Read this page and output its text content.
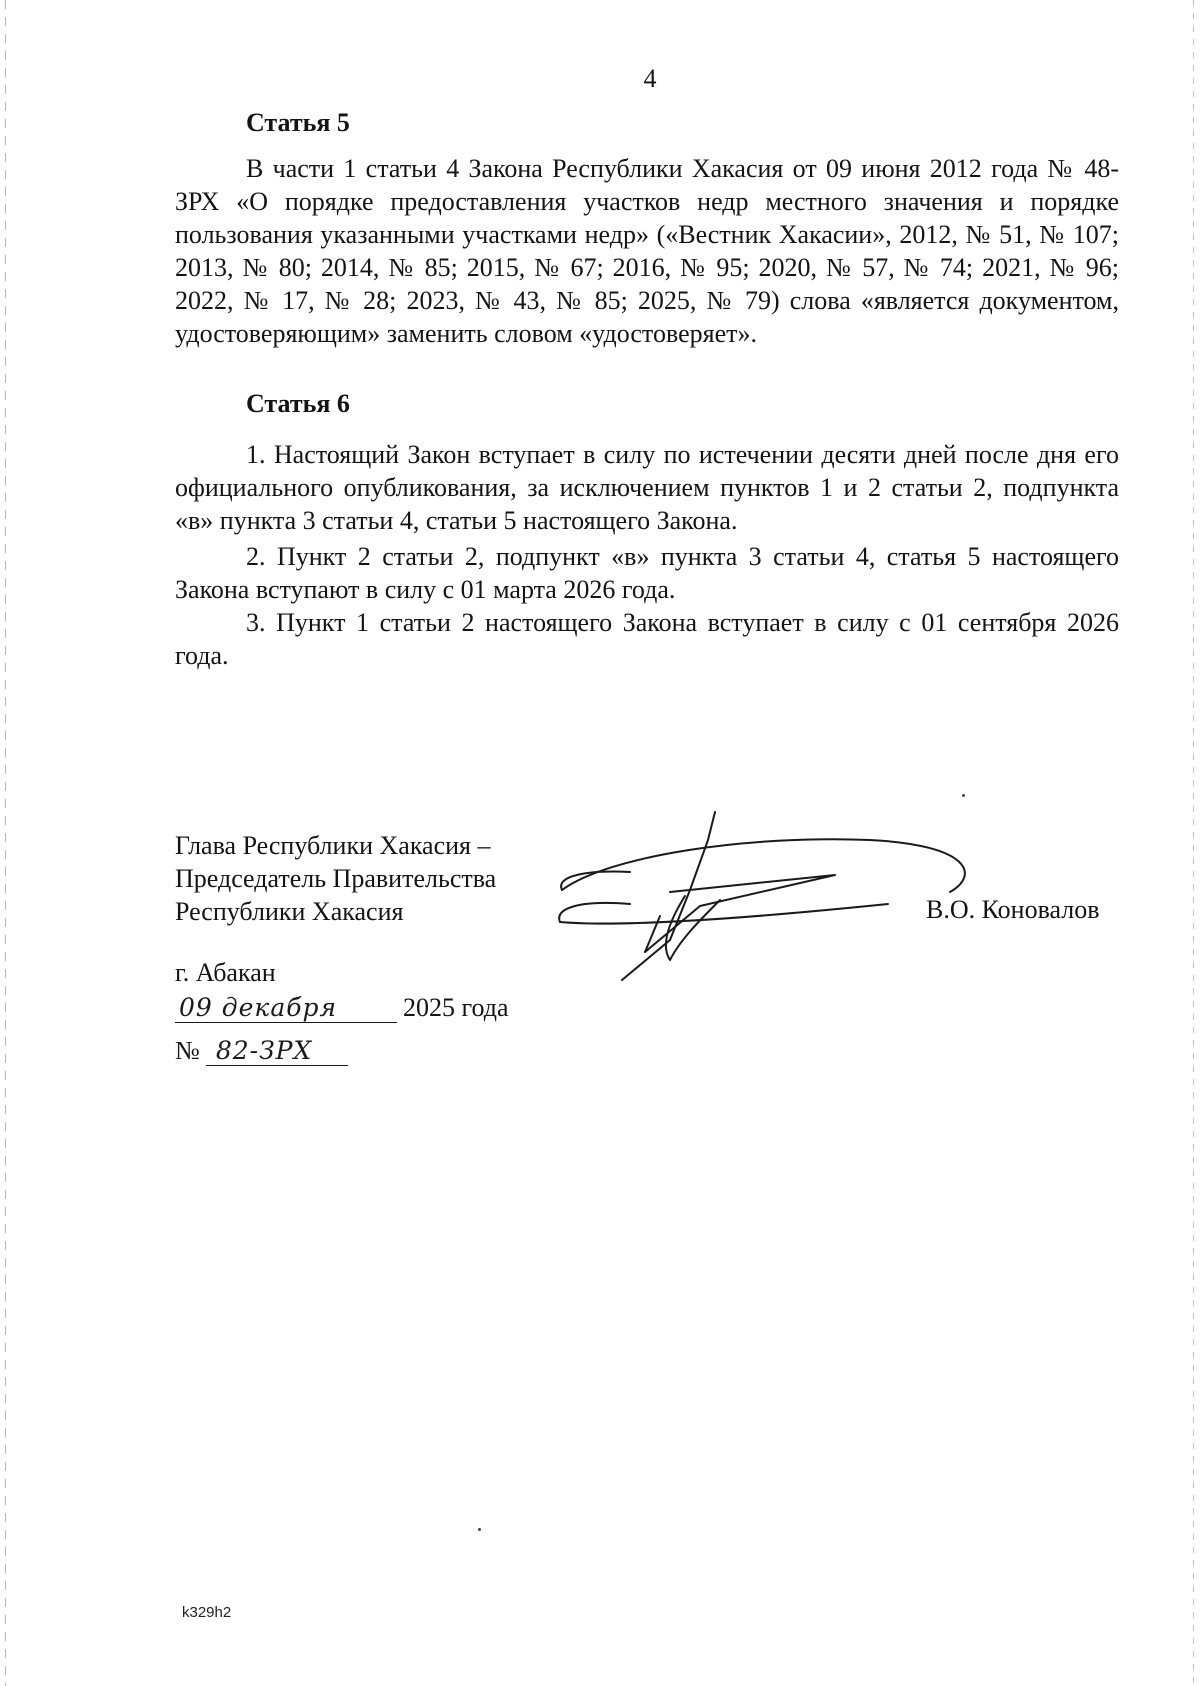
4
Статья 5

В части 1 статьи 4 Закона Республики Хакасия от 09 июня 2012 года № 48-ЗРХ «О порядке предоставления участков недр местного значения и порядке пользования указанными участками недр» («Вестник Хакасии», 2012, № 51, № 107; 2013, № 80; 2014, № 85; 2015, № 67; 2016, № 95; 2020, № 57, № 74; 2021, № 96; 2022, № 17, № 28; 2023, № 43, № 85; 2025, № 79) слова «является документом, удостоверяющим» заменить словом «удостоверяет».

Статья 6

1. Настоящий Закон вступает в силу по истечении десяти дней после дня его официального опубликования, за исключением пунктов 1 и 2 статьи 2, подпункта «в» пункта 3 статьи 4, статьи 5 настоящего Закона.

2. Пункт 2 статьи 2, подпункт «в» пункта 3 статьи 4, статья 5 настоящего Закона вступают в силу с 01 марта 2026 года.

3. Пункт 1 статьи 2 настоящего Закона вступает в силу с 01 сентября 2026 года.

Глава Республики Хакасия –
Председатель Правительства
Республики Хакасия	В.О. Коновалов
г. Абакан
09 декабря	2025 года
№ 82-ЗРХ
k329h2
